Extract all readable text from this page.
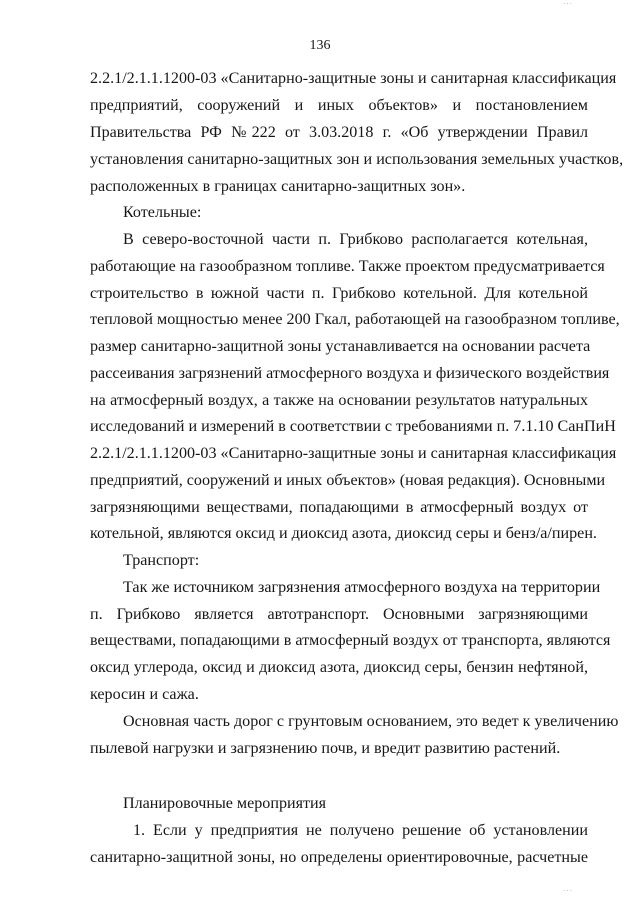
136
2.2.1/2.1.1.1200-03 «Санитарно-защитные зоны и санитарная классификация
предприятий, сооружений и иных объектов» и постановлением
Правительства РФ №222 от 3.03.2018 г. «Об утверждении Правил
установления санитарно-защитных зон и использования земельных участков,
расположенных в границах санитарно-защитных зон».
Котельные:
В северо-восточной части п. Грибково располагается котельная,
работающие на газообразном топливе. Также проектом предусматривается
строительство в южной части п. Грибково котельной. Для котельной
тепловой мощностью менее 200 Гкал, работающей на газообразном топливе,
размер санитарно-защитной зоны устанавливается на основании расчета
рассеивания загрязнений атмосферного воздуха и физического воздействия
на атмосферный воздух, а также на основании результатов натуральных
исследований и измерений в соответствии с требованиями п. 7.1.10 СанПиН
2.2.1/2.1.1.1200-03 «Санитарно-защитные зоны и санитарная классификация
предприятий, сооружений и иных объектов» (новая редакция). Основными
загрязняющими веществами, попадающими в атмосферный воздух от
котельной, являются оксид и диоксид азота, диоксид серы и бенз/а/пирен.
Транспорт:
Так же источником загрязнения атмосферного воздуха на территории
п. Грибково является автотранспорт. Основными загрязняющими
веществами, попадающими в атмосферный воздух от транспорта, являются
оксид углерода, оксид и диоксид азота, диоксид серы, бензин нефтяной,
керосин и сажа.
Основная часть дорог с грунтовым основанием, это ведет к увеличению
пылевой нагрузки и загрязнению почв, и вредит развитию растений.
Планировочные мероприятия
1. Если у предприятия не получено решение об установлении
санитарно-защитной зоны, но определены ориентировочные, расчетные
˙˙˙
˙˙˙
